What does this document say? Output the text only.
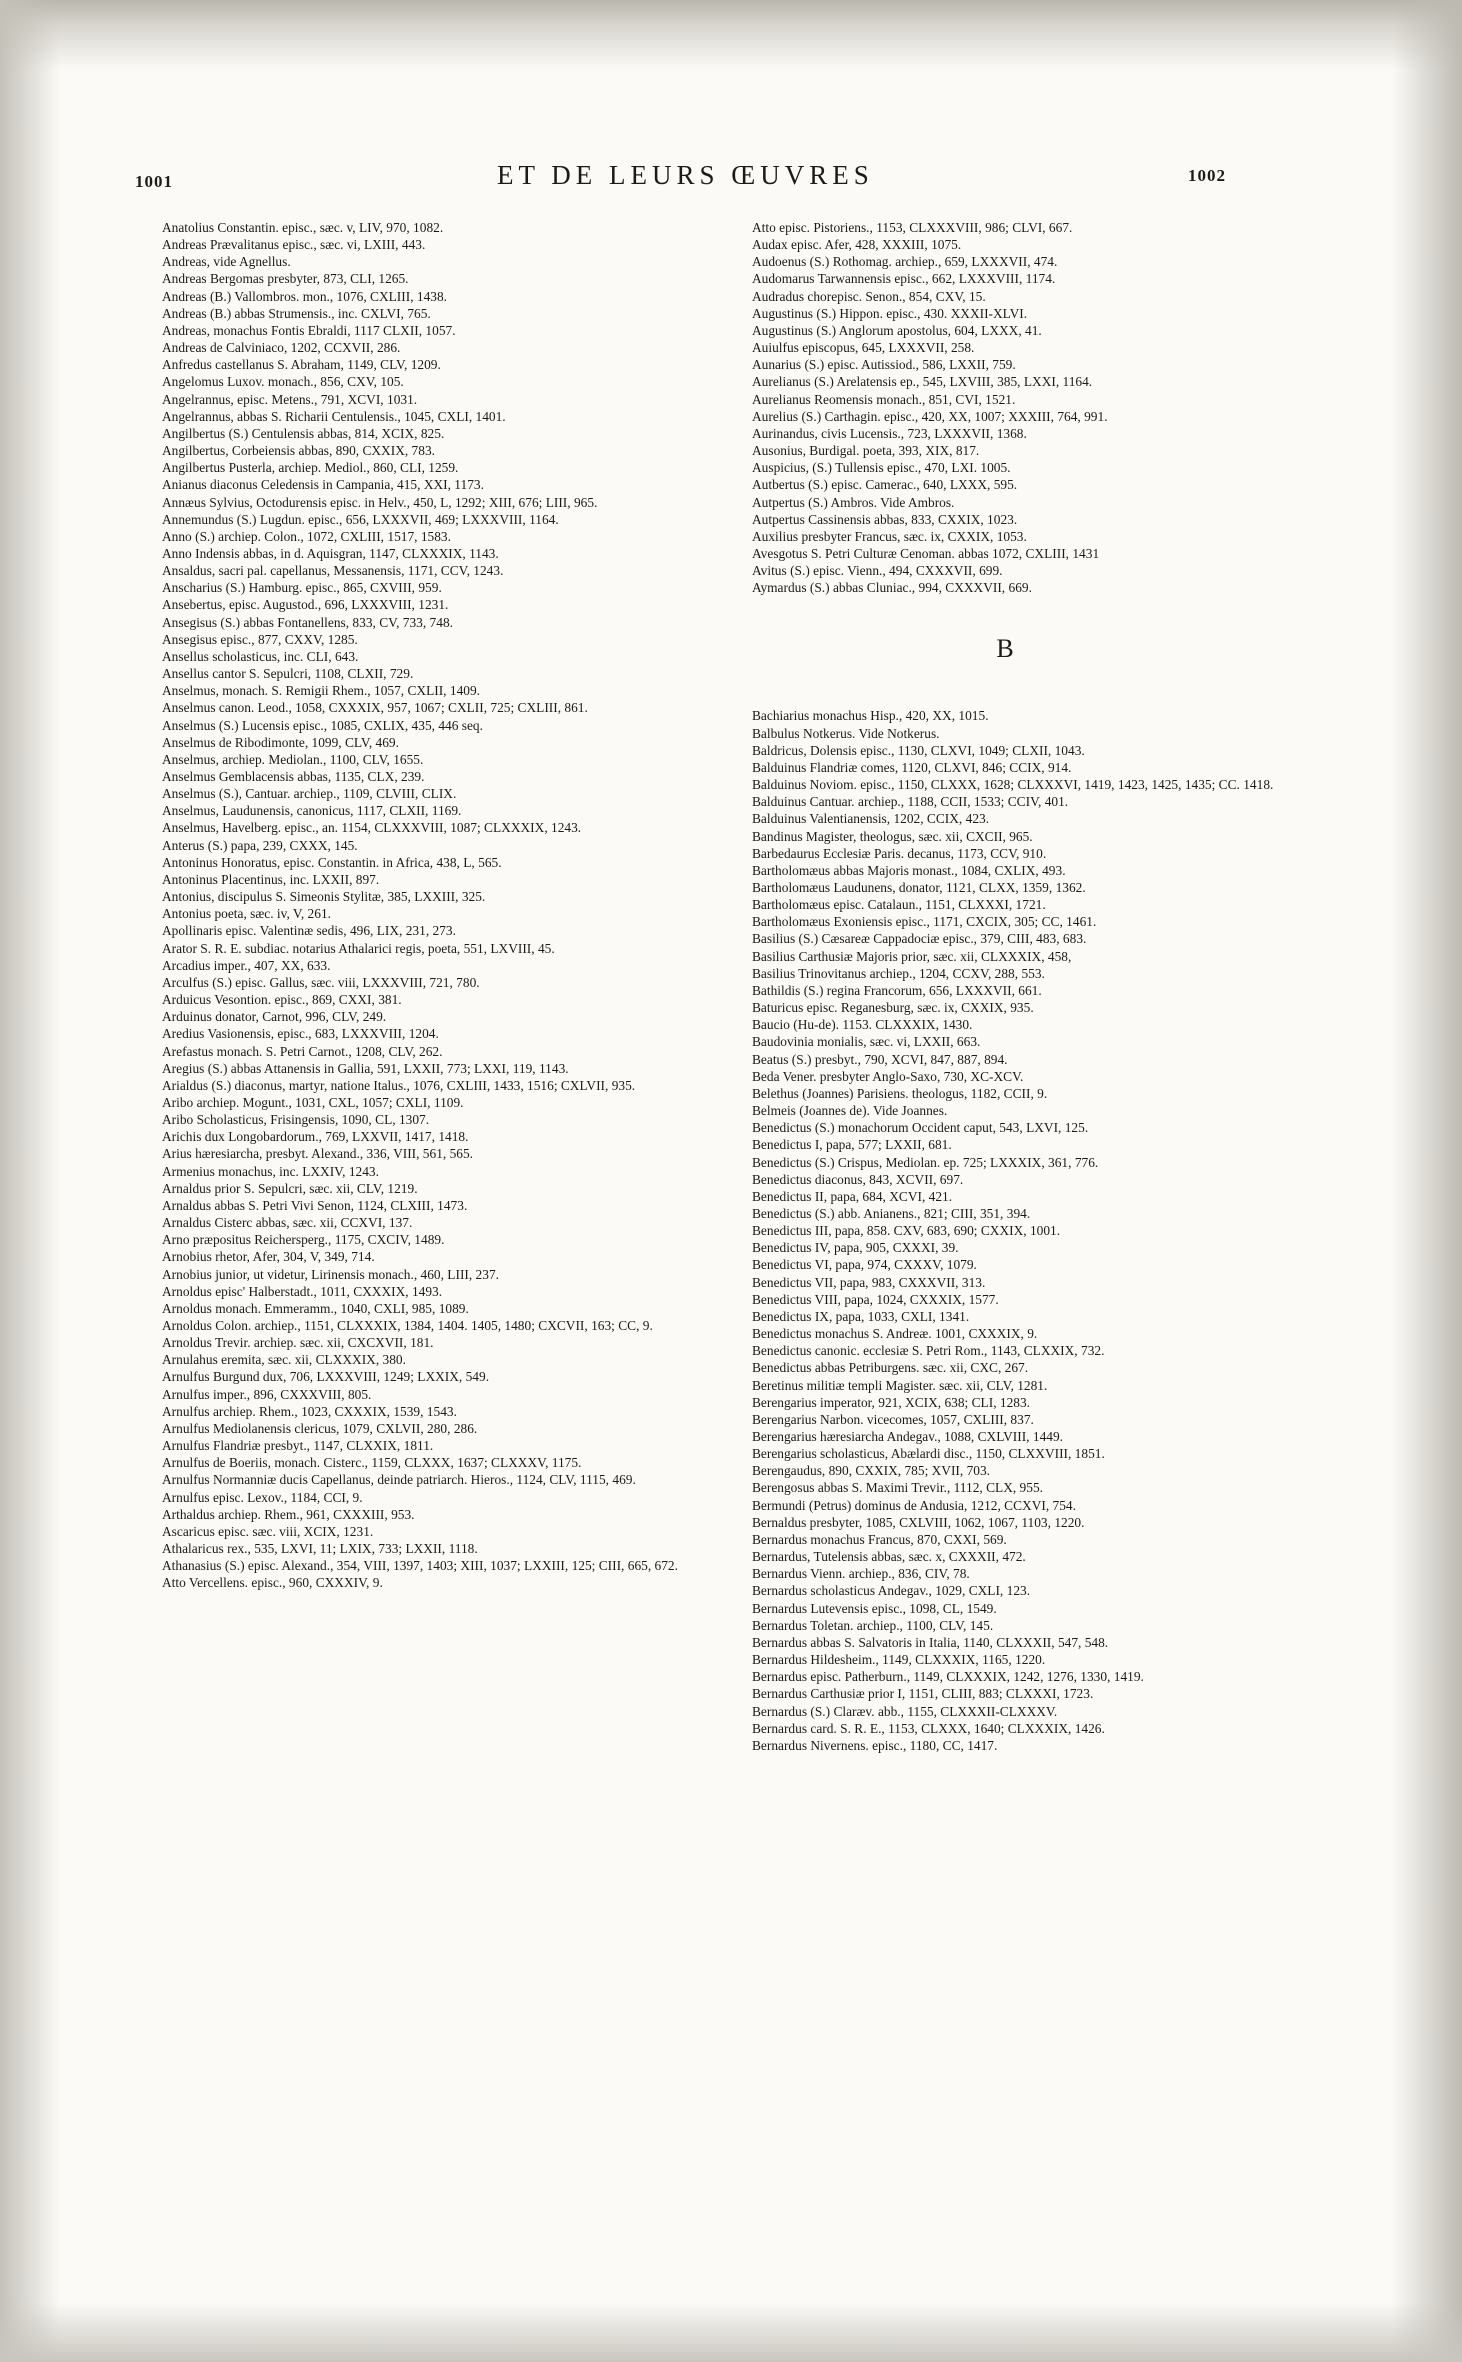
1001	ET DE LEURS ŒUVRES	1002

Anatolius Constantin. episc., sæc. v, LIV, 970, 1082.

Andreas Prævalitanus episc., sæc. vi, LXIII, 443.

Andreas, vide Agnellus.

Andreas Bergomas presbyter, 873, CLI, 1265.

Andreas (B.) Vallombros. mon., 1076, CXLIII, 1438.

Andreas (B.) abbas Strumensis., inc. CXLVI, 765.

Andreas, monachus Fontis Ebraldi, 1117 CLXII, 1057.

Andreas de Calviniaco, 1202, CCXVII, 286.

Anfredus castellanus S. Abraham, 1149, CLV, 1209.

Angelomus Luxov. monach., 856, CXV, 105.

Angelrannus, episc. Metens., 791, XCVI, 1031.

Angelrannus, abbas S. Richarii Centulensis., 1045, CXLI, 1401.

Angilbertus (S.) Centulensis abbas, 814, XCIX, 825.

Angilbertus, Corbeiensis abbas, 890, CXXIX, 783.

Angilbertus Pusterla, archiep. Mediol., 860, CLI, 1259.

Anianus diaconus Celedensis in Campania, 415, XXI, 1173.

Annæus Sylvius, Octodurensis episc. in Helv., 450, L, 1292; XIII, 676; LIII, 965.

Annemundus (S.) Lugdun. episc., 656, LXXXVII, 469; LXXXVIII, 1164.

Anno (S.) archiep. Colon., 1072, CXLIII, 1517, 1583.

Anno Indensis abbas, in d. Aquisgran, 1147, CLXXXIX, 1143.

Ansaldus, sacri pal. capellanus, Messanensis, 1171, CCV, 1243.

Anscharius (S.) Hamburg. episc., 865, CXVIII, 959.

Ansebertus, episc. Augustod., 696, LXXXVIII, 1231.

Ansegisus (S.) abbas Fontanellens, 833, CV, 733, 748.

Ansegisus episc., 877, CXXV, 1285.

Ansellus scholasticus, inc. CLI, 643.

Ansellus cantor S. Sepulcri, 1108, CLXII, 729.

Anselmus, monach. S. Remigii Rhem., 1057, CXLII, 1409.

Anselmus canon. Leod., 1058, CXXXIX, 957, 1067; CXLII, 725; CXLIII, 861.

Anselmus (S.) Lucensis episc., 1085, CXLIX, 435, 446 seq.

Anselmus de Ribodimonte, 1099, CLV, 469.

Anselmus, archiep. Mediolan., 1100, CLV, 1655.

Anselmus Gemblacensis abbas, 1135, CLX, 239.

Anselmus (S.), Cantuar. archiep., 1109, CLVIII, CLIX.

Anselmus, Laudunensis, canonicus, 1117, CLXII, 1169.

Anselmus, Havelberg. episc., an. 1154, CLXXXVIII, 1087; CLXXXIX, 1243.

Anterus (S.) papa, 239, CXXX, 145.

Antoninus Honoratus, episc. Constantin. in Africa, 438, L, 565.

Antoninus Placentinus, inc. LXXII, 897.

Antonius, discipulus S. Simeonis Stylitæ, 385, LXXIII, 325.

Antonius poeta, sæc. iv, V, 261.

Apollinaris episc. Valentinæ sedis, 496, LIX, 231, 273.

Arator S. R. E. subdiac. notarius Athalarici regis, poeta, 551, LXVIII, 45.

Arcadius imper., 407, XX, 633.

Arculfus (S.) episc. Gallus, sæc. viii, LXXXVIII, 721, 780.

Arduicus Vesontion. episc., 869, CXXI, 381.

Arduinus donator, Carnot, 996, CLV, 249.

Aredius Vasionensis, episc., 683, LXXXVIII, 1204.

Arefastus monach. S. Petri Carnot., 1208, CLV, 262.

Aregius (S.) abbas Attanensis in Gallia, 591, LXXII, 773; LXXI, 119, 1143.

Arialdus (S.) diaconus, martyr, natione Italus., 1076, CXLIII, 1433, 1516; CXLVII, 935.

Aribo archiep. Mogunt., 1031, CXL, 1057; CXLI, 1109.

Aribo Scholasticus, Frisingensis, 1090, CL, 1307.

Arichis dux Longobardorum., 769, LXXVII, 1417, 1418.

Arius hæresiarcha, presbyt. Alexand., 336, VIII, 561, 565.

Armenius monachus, inc. LXXIV, 1243.

Arnaldus prior S. Sepulcri, sæc. xii, CLV, 1219.

Arnaldus abbas S. Petri Vivi Senon, 1124, CLXIII, 1473.

Arnaldus Cisterc abbas, sæc. xii, CCXVI, 137.

Arno præpositus Reichersperg., 1175, CXCIV, 1489.

Arnobius rhetor, Afer, 304, V, 349, 714.

Arnobius junior, ut videtur, Lirinensis monach., 460, LIII, 237.

Arnoldus episc' Halberstadt., 1011, CXXXIX, 1493.

Arnoldus monach. Emmeramm., 1040, CXLI, 985, 1089.

Arnoldus Colon. archiep., 1151, CLXXXIX, 1384, 1404. 1405, 1480; CXCVII, 163; CC, 9.

Arnoldus Trevir. archiep. sæc. xii, CXCXVII, 181.

Arnulahus eremita, sæc. xii, CLXXXIX, 380.

Arnulfus Burgund dux, 706, LXXXVIII, 1249; LXXIX, 549.

Arnulfus imper., 896, CXXXVIII, 805.

Arnulfus archiep. Rhem., 1023, CXXXIX, 1539, 1543.

Arnulfus Mediolanensis clericus, 1079, CXLVII, 280, 286.

Arnulfus Flandriæ presbyt., 1147, CLXXIX, 1811.

Arnulfus de Boeriis, monach. Cisterc., 1159, CLXXX, 1637; CLXXXV, 1175.

Arnulfus Normanniæ ducis Capellanus, deinde patriarch. Hieros., 1124, CLV, 1115, 469.

Arnulfus episc. Lexov., 1184, CCI, 9.

Arthaldus archiep. Rhem., 961, CXXXIII, 953.

Ascaricus episc. sæc. viii, XCIX, 1231.

Athalaricus rex., 535, LXVI, 11; LXIX, 733; LXXII, 1118.

Athanasius (S.) episc. Alexand., 354, VIII, 1397, 1403; XIII, 1037; LXXIII, 125; CIII, 665, 672.

Atto Vercellens. episc., 960, CXXXIV, 9.

Atto episc. Pistoriens., 1153, CLXXXVIII, 986; CLVI, 667.

Audax episc. Afer, 428, XXXIII, 1075.

Audoenus (S.) Rothomag. archiep., 659, LXXXVII, 474.

Audomarus Tarwannensis episc., 662, LXXXVIII, 1174.

Audradus chorepisc. Senon., 854, CXV, 15.

Augustinus (S.) Hippon. episc., 430. XXXII-XLVI.

Augustinus (S.) Anglorum apostolus, 604, LXXX, 41.

Auiulfus episcopus, 645, LXXXVII, 258.

Aunarius (S.) episc. Autissiod., 586, LXXII, 759.

Aurelianus (S.) Arelatensis ep., 545, LXVIII, 385, LXXI, 1164.

Aurelianus Reomensis monach., 851, CVI, 1521.

Aurelius (S.) Carthagin. episc., 420, XX, 1007; XXXIII, 764, 991.

Aurinandus, civis Lucensis., 723, LXXXVII, 1368.

Ausonius, Burdigal. poeta, 393, XIX, 817.

Auspicius, (S.) Tullensis episc., 470, LXI. 1005.

Autbertus (S.) episc. Camerac., 640, LXXX, 595.

Autpertus (S.) Ambros. Vide Ambros.

Autpertus Cassinensis abbas, 833, CXXIX, 1023.

Auxilius presbyter Francus, sæc. ix, CXXIX, 1053.

Avesgotus S. Petri Culturæ Cenoman. abbas 1072, CXLIII, 1431

Avitus (S.) episc. Vienn., 494, CXXXVII, 699.

Aymardus (S.) abbas Cluniac., 994, CXXXVII, 669.

B

Bachiarius monachus Hisp., 420, XX, 1015.

Balbulus Notkerus. Vide Notkerus.

Baldricus, Dolensis episc., 1130, CLXVI, 1049; CLXII, 1043.

Balduinus Flandriæ comes, 1120, CLXVI, 846; CCIX, 914.

Balduinus Noviom. episc., 1150, CLXXX, 1628; CLXXXVI, 1419, 1423, 1425, 1435; CC. 1418.

Balduinus Cantuar. archiep., 1188, CCII, 1533; CCIV, 401.

Balduinus Valentianensis, 1202, CCIX, 423.

Bandinus Magister, theologus, sæc. xii, CXCII, 965.

Barbedaurus Ecclesiæ Paris. decanus, 1173, CCV, 910.

Bartholomæus abbas Majoris monast., 1084, CXLIX, 493.

Bartholomæus Laudunens, donator, 1121, CLXX, 1359, 1362.

Bartholomæus episc. Catalaun., 1151, CLXXXI, 1721.

Bartholomæus Exoniensis episc., 1171, CXCIX, 305; CC, 1461.

Basilius (S.) Cæsareæ Cappadociæ episc., 379, CIII, 483, 683.

Basilius Carthusiæ Majoris prior, sæc. xii, CLXXXIX, 458,

Basilius Trinovitanus archiep., 1204, CCXV, 288, 553.

Bathildis (S.) regina Francorum, 656, LXXXVII, 661.

Baturicus episc. Reganesburg, sæc. ix, CXXIX, 935.

Baucio (Hu-de). 1153. CLXXXIX, 1430.

Baudovinia monialis, sæc. vi, LXXII, 663.

Beatus (S.) presbyt., 790, XCVI, 847, 887, 894.

Beda Vener. presbyter Anglo-Saxo, 730, XC-XCV.

Belethus (Joannes) Parisiens. theologus, 1182, CCII, 9.

Belmeis (Joannes de). Vide Joannes.

Benedictus (S.) monachorum Occident caput, 543, LXVI, 125.

Benedictus I, papa, 577; LXXII, 681.

Benedictus (S.) Crispus, Mediolan. ep. 725; LXXXIX, 361, 776.

Benedictus diaconus, 843, XCVII, 697.

Benedictus II, papa, 684, XCVI, 421.

Benedictus (S.) abb. Anianens., 821; CIII, 351, 394.

Benedictus III, papa, 858. CXV, 683, 690; CXXIX, 1001.

Benedictus IV, papa, 905, CXXXI, 39.

Benedictus VI, papa, 974, CXXXV, 1079.

Benedictus VII, papa, 983, CXXXVII, 313.

Benedictus VIII, papa, 1024, CXXXIX, 1577.

Benedictus IX, papa, 1033, CXLI, 1341.

Benedictus monachus S. Andreæ. 1001, CXXXIX, 9.

Benedictus canonic. ecclesiæ S. Petri Rom., 1143, CLXXIX, 732.

Benedictus abbas Petriburgens. sæc. xii, CXC, 267.

Beretinus militiæ templi Magister. sæc. xii, CLV, 1281.

Berengarius imperator, 921, XCIX, 638; CLI, 1283.

Berengarius Narbon. vicecomes, 1057, CXLIII, 837.

Berengarius hæresiarcha Andegav., 1088, CXLVIII, 1449.

Berengarius scholasticus, Abælardi disc., 1150, CLXXVIII, 1851.

Berengaudus, 890, CXXIX, 785; XVII, 703.

Berengosus abbas S. Maximi Trevir., 1112, CLX, 955.

Bermundi (Petrus) dominus de Andusia, 1212, CCXVI, 754.

Bernaldus presbyter, 1085, CXLVIII, 1062, 1067, 1103, 1220.

Bernardus monachus Francus, 870, CXXI, 569.

Bernardus, Tutelensis abbas, sæc. x, CXXXII, 472.

Bernardus Vienn. archiep., 836, CIV, 78.

Bernardus scholasticus Andegav., 1029, CXLI, 123.

Bernardus Lutevensis episc., 1098, CL, 1549.

Bernardus Toletan. archiep., 1100, CLV, 145.

Bernardus abbas S. Salvatoris in Italia, 1140, CLXXXII, 547, 548.

Bernardus Hildesheim., 1149, CLXXXIX, 1165, 1220.

Bernardus episc. Patherburn., 1149, CLXXXIX, 1242, 1276, 1330, 1419.

Bernardus Carthusiæ prior I, 1151, CLIII, 883; CLXXXI, 1723.

Bernardus (S.) Claræv. abb., 1155, CLXXXII-CLXXXV.

Bernardus card. S. R. E., 1153, CLXXX, 1640; CLXXXIX, 1426.

Bernardus Nivernens. episc., 1180, CC, 1417.
